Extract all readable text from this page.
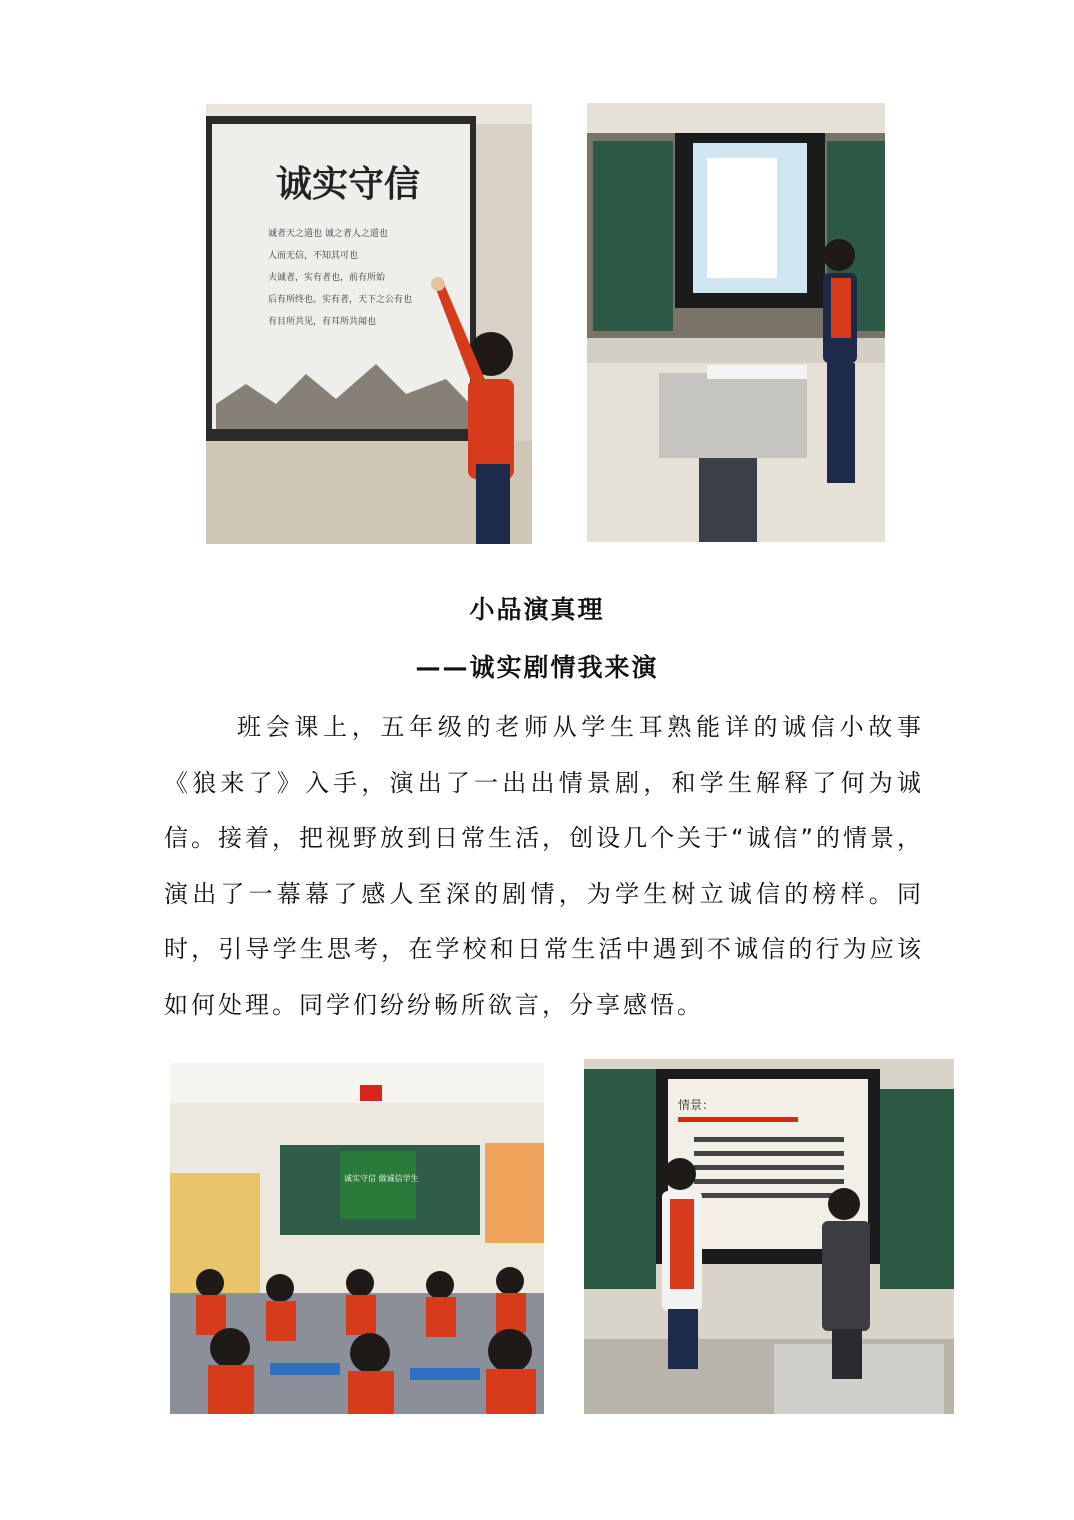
诚实守信
诚者天之道也 诚之者人之道也
人而无信，不知其可也
夫诚者，实有者也，前有所始
后有所终也。实有者，天下之公有也
有目所共见，有耳所共闻也
小品演真理
——诚实剧情我来演

班会课上，五年级的老师从学生耳熟能详的诚信小故事《狼来了》入手，演出了一出出情景剧，和学生解释了何为诚信。接着，把视野放到日常生活，创设几个关于“诚信”的情景，演出了一幕幕了感人至深的剧情，为学生树立诚信的榜样。同时，引导学生思考，在学校和日常生活中遇到不诚信的行为应该如何处理。同学们纷纷畅所欲言，分享感悟。

诚实守信 做诚信学生
情景：
